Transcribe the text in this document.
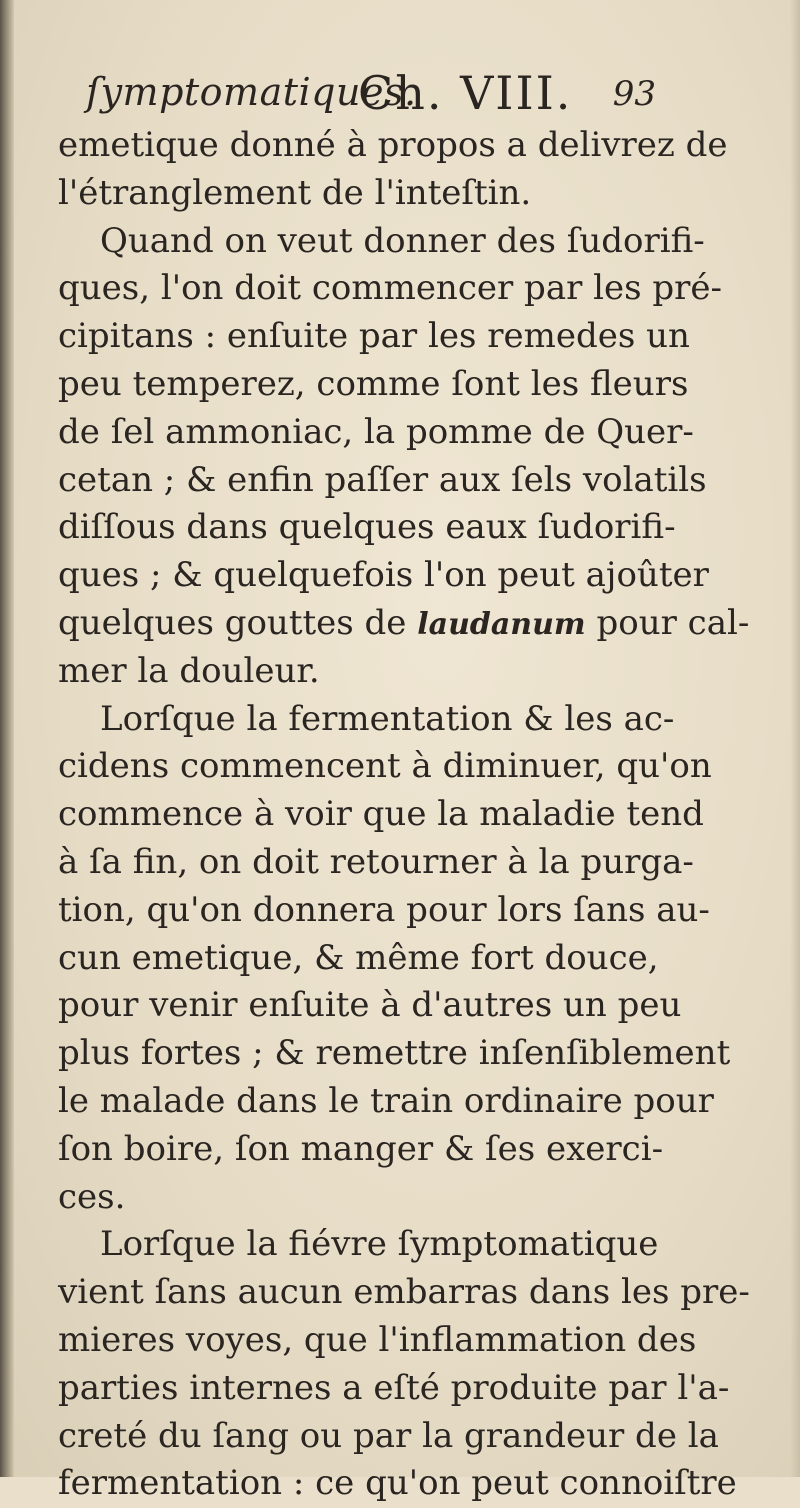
ſymptomatiques.
Ch. VIII. 93
emetique donné à propos a delivrez de
l'étranglement de l'inteſtin.
Quand on veut donner des ſudorifi-
ques, l'on doit commencer par les pré-
cipitans : enſuite par les remedes un
peu temperez, comme ſont les fleurs
de ſel ammoniac, la pomme de Quer-
cetan ; & enfin paſſer aux ſels volatils
diſſous dans quelques eaux ſudorifi-
ques ; & quelquefois l'on peut ajoûter
quelques gouttes de laudanum pour cal-
mer la douleur.
Lorſque la fermentation & les ac-
cidens commencent à diminuer, qu'on
commence à voir que la maladie tend
à ſa fin, on doit retourner à la purga-
tion, qu'on donnera pour lors ſans au-
cun emetique, & même fort douce,
pour venir enſuite à d'autres un peu
plus fortes ; & remettre inſenſiblement
le malade dans le train ordinaire pour
ſon boire, ſon manger & ſes exerci-
ces.
Lorſque la fiévre ſymptomatique
vient ſans aucun embarras dans les pre-
mieres voyes, que l'inflammation des
parties internes a eſté produite par l'a-
creté du ſang ou par la grandeur de la
fermentation : ce qu'on peut connoiſtre
